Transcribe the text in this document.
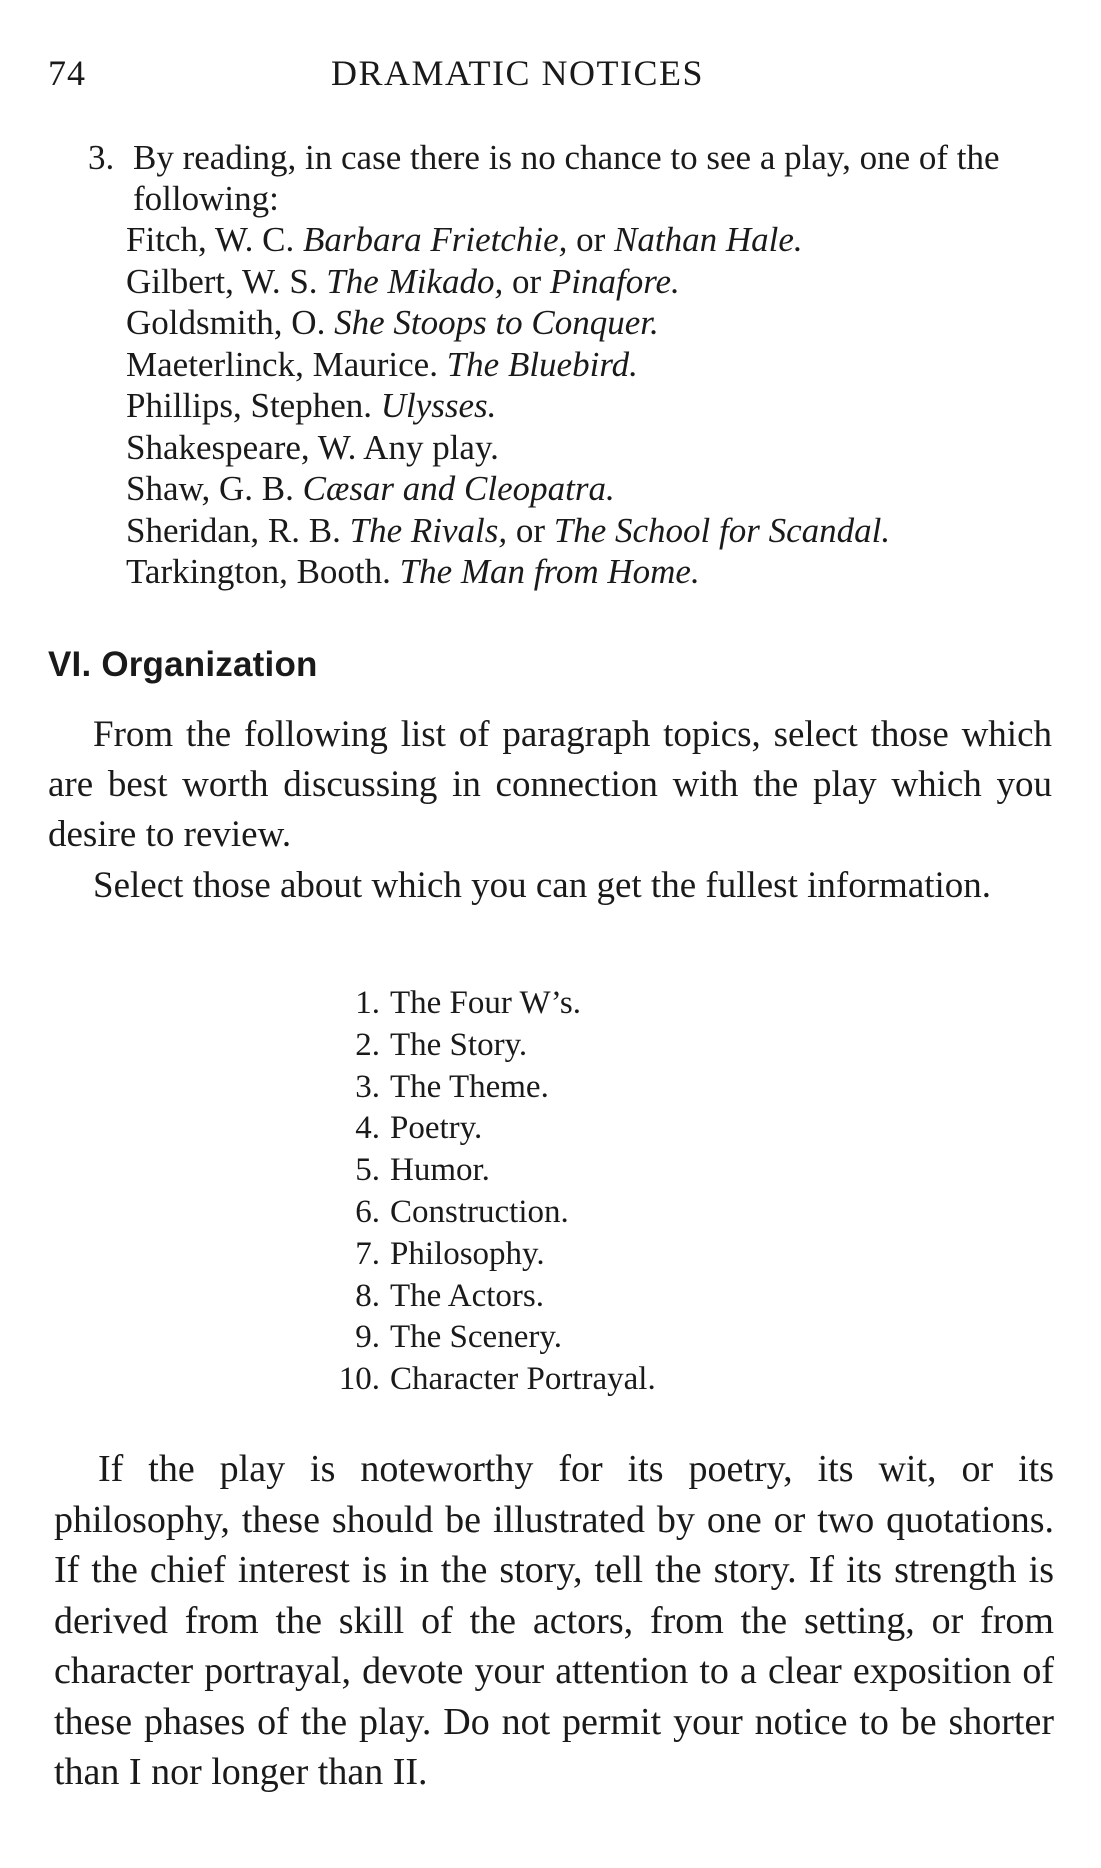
74	DRAMATIC NOTICES
3. By reading, in case there is no chance to see a play, one of the following:
Fitch, W. C. Barbara Frietchie, or Nathan Hale.
Gilbert, W. S. The Mikado, or Pinafore.
Goldsmith, O. She Stoops to Conquer.
Maeterlinck, Maurice. The Bluebird.
Phillips, Stephen. Ulysses.
Shakespeare, W. Any play.
Shaw, G. B. Cæsar and Cleopatra.
Sheridan, R. B. The Rivals, or The School for Scandal.
Tarkington, Booth. The Man from Home.
VI. Organization

From the following list of paragraph topics, select those which are best worth discussing in connection with the play which you desire to review.

Select those about which you can get the fullest information.

1. The Four W’s.
2. The Story.
3. The Theme.
4. Poetry.
5. Humor.
6. Construction.
7. Philosophy.
8. The Actors.
9. The Scenery.
10. Character Portrayal.

If the play is noteworthy for its poetry, its wit, or its philosophy, these should be illustrated by one or two quotations. If the chief interest is in the story, tell the story. If its strength is derived from the skill of the actors, from the setting, or from character portrayal, devote your attention to a clear exposition of these phases of the play. Do not permit your notice to be shorter than I nor longer than II.
